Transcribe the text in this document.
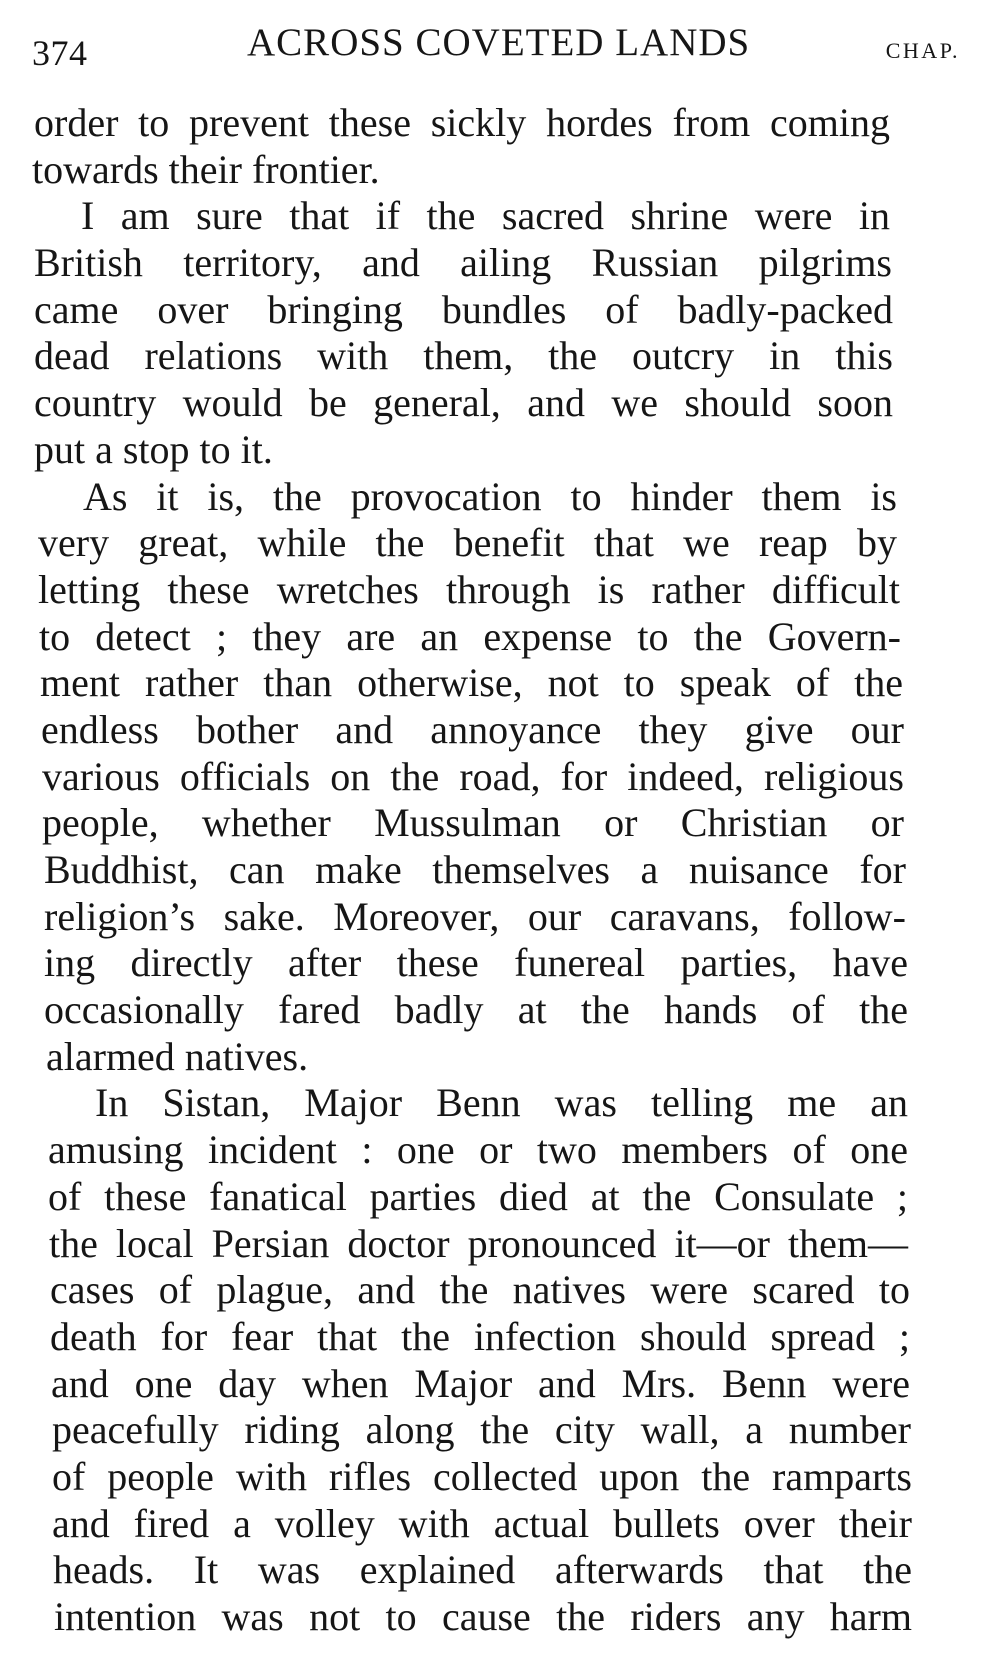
374	ACROSS COVETED LANDS	CHAP.
order to prevent these sickly hordes from coming
towards their frontier.
I am sure that if the sacred shrine were in
British territory, and ailing Russian pilgrims
came over bringing bundles of badly-packed
dead relations with them, the outcry in this
country would be general, and we should soon
put a stop to it.
As it is, the provocation to hinder them is
very great, while the benefit that we reap by
letting these wretches through is rather difficult
to detect ; they are an expense to the Govern-
ment rather than otherwise, not to speak of the
endless bother and annoyance they give our
various officials on the road, for indeed, religious
people, whether Mussulman or Christian or
Buddhist, can make themselves a nuisance for
religion’s sake. Moreover, our caravans, follow-
ing directly after these funereal parties, have
occasionally fared badly at the hands of the
alarmed natives.
In Sistan, Major Benn was telling me an
amusing incident : one or two members of one
of these fanatical parties died at the Consulate ;
the local Persian doctor pronounced it—or them—
cases of plague, and the natives were scared to
death for fear that the infection should spread ;
and one day when Major and Mrs. Benn were
peacefully riding along the city wall, a number
of people with rifles collected upon the ramparts
and fired a volley with actual bullets over their
heads. It was explained afterwards that the
intention was not to cause the riders any harm
